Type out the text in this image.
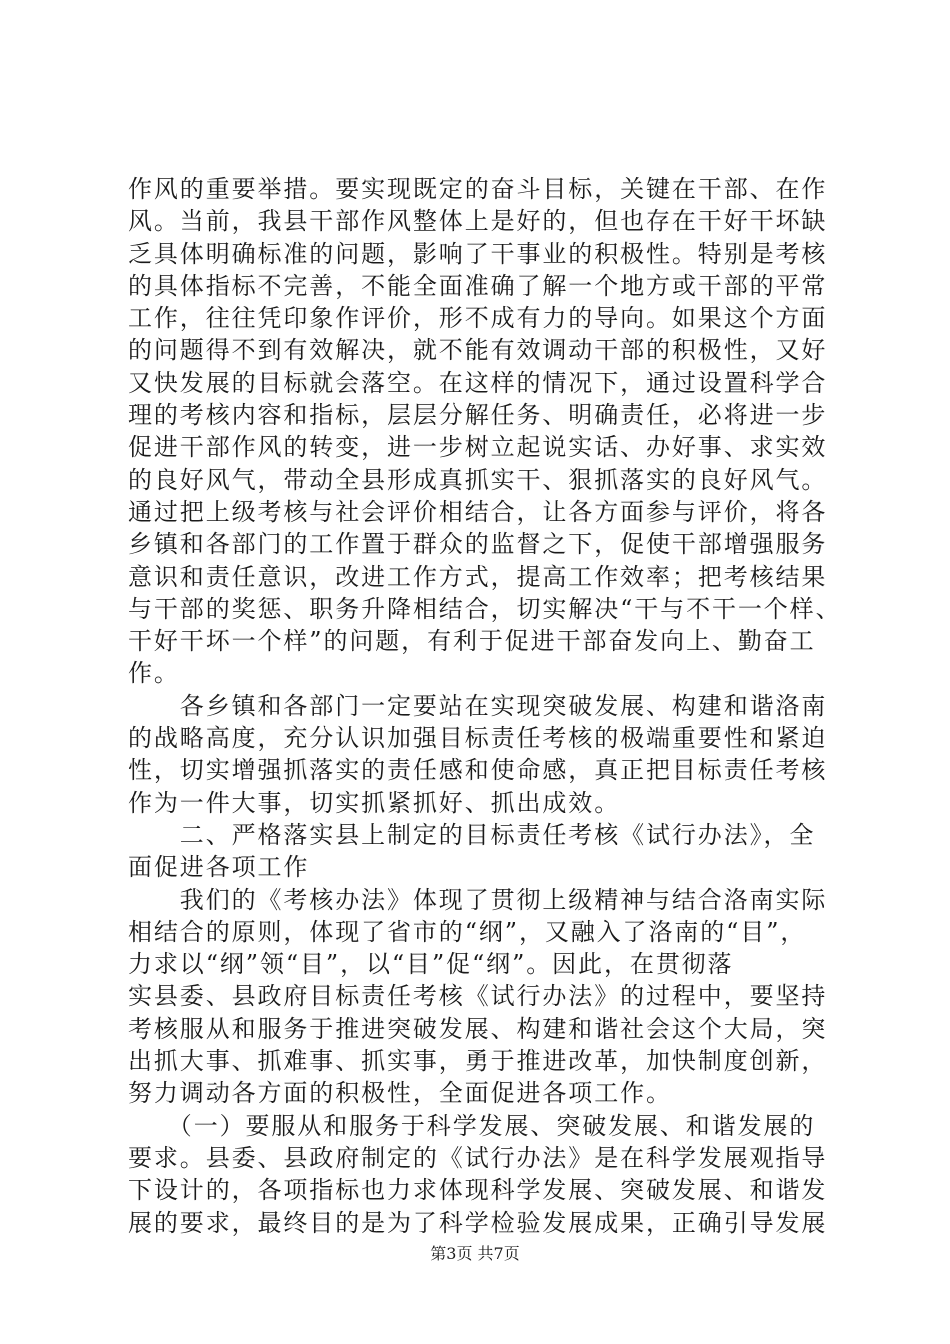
作风的重要举措。要实现既定的奋斗目标，关键在干部、在作
风。当前，我县干部作风整体上是好的，但也存在干好干坏缺
乏具体明确标准的问题，影响了干事业的积极性。特别是考核
的具体指标不完善，不能全面准确了解一个地方或干部的平常
工作，往往凭印象作评价，形不成有力的导向。如果这个方面
的问题得不到有效解决，就不能有效调动干部的积极性，又好
又快发展的目标就会落空。在这样的情况下，通过设置科学合
理的考核内容和指标，层层分解任务、明确责任，必将进一步
促进干部作风的转变，进一步树立起说实话、办好事、求实效
的良好风气，带动全县形成真抓实干、狠抓落实的良好风气。
通过把上级考核与社会评价相结合，让各方面参与评价，将各
乡镇和各部门的工作置于群众的监督之下，促使干部增强服务
意识和责任意识，改进工作方式，提高工作效率；把考核结果
与干部的奖惩、职务升降相结合，切实解决“干与不干一个样、
干好干坏一个样”的问题，有利于促进干部奋发向上、勤奋工
作。
　　各乡镇和各部门一定要站在实现突破发展、构建和谐洛南
的战略高度，充分认识加强目标责任考核的极端重要性和紧迫
性，切实增强抓落实的责任感和使命感，真正把目标责任考核
作为一件大事，切实抓紧抓好、抓出成效。
　　二、严格落实县上制定的目标责任考核《试行办法》，全
面促进各项工作
　　我们的《考核办法》体现了贯彻上级精神与结合洛南实际
相结合的原则，体现了省市的“纲”，又融入了洛南的“目”，
力求以“纲”领“目”，以“目”促“纲”。因此，在贯彻落
实县委、县政府目标责任考核《试行办法》的过程中，要坚持
考核服从和服务于推进突破发展、构建和谐社会这个大局，突
出抓大事、抓难事、抓实事，勇于推进改革，加快制度创新，
努力调动各方面的积极性，全面促进各项工作。
　　（一）要服从和服务于科学发展、突破发展、和谐发展的
要求。县委、县政府制定的《试行办法》是在科学发展观指导
下设计的，各项指标也力求体现科学发展、突破发展、和谐发
展的要求，最终目的是为了科学检验发展成果，正确引导发展
第3页 共7页
